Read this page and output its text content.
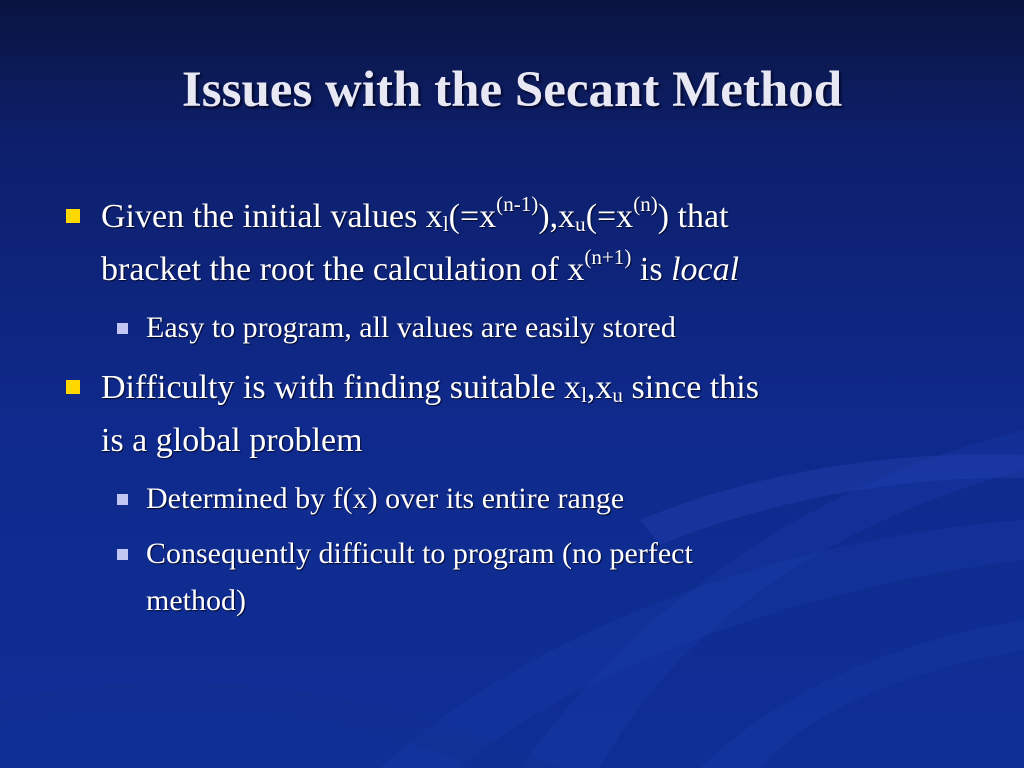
Issues with the Secant Method
Given the initial values $x_l(=x^{(n-1)}),x_u(=x^{(n)})$ that
bracket the root the calculation of $x^{(n+1)}$ is local
Easy to program, all values are easily stored
Difficulty is with finding suitable $x_l,x_u$ since this
is a global problem
Determined by f(x) over its entire range
Consequently difficult to program (no perfect
method)
